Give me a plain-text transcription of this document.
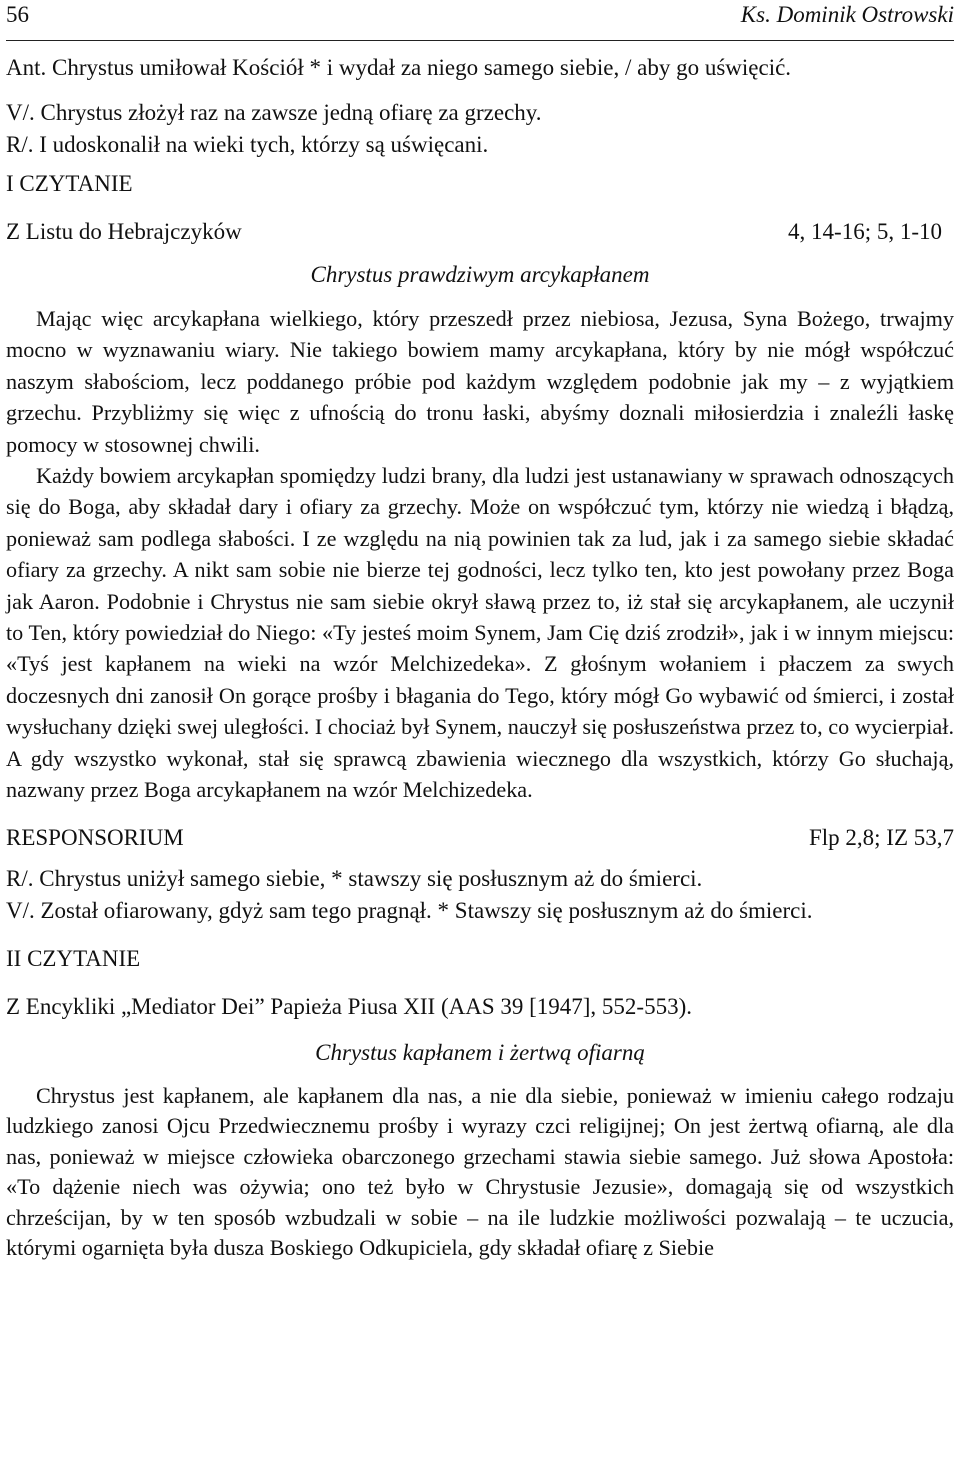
56	Ks. Dominik Ostrowski
Ant. Chrystus umiłował Kościół * i wydał za niego samego siebie, / aby go uświęcić.
V/. Chrystus złożył raz na zawsze jedną ofiarę za grzechy.
R/. I udoskonalił na wieki tych, którzy są uświęcani.
I CZYTANIE
Z Listu do Hebrajczyków	4, 14-16; 5, 1-10
Chrystus prawdziwym arcykapłanem

Mając więc arcykapłana wielkiego, który przeszedł przez niebiosa, Jezusa, Syna Bożego, trwajmy mocno w wyznawaniu wiary. Nie takiego bowiem mamy arcykapłana, który by nie mógł współczuć naszym słabościom, lecz poddanego próbie pod każdym względem podobnie jak my – z wyjątkiem grzechu. Przybliżmy się więc z ufnością do tronu łaski, abyśmy doznali miłosierdzia i znaleźli łaskę pomocy w stosownej chwili.

Każdy bowiem arcykapłan spomiędzy ludzi brany, dla ludzi jest ustanawiany w sprawach odnoszących się do Boga, aby składał dary i ofiary za grzechy. Może on współczuć tym, którzy nie wiedzą i błądzą, ponieważ sam podlega słabości. I ze względu na nią powinien tak za lud, jak i za samego siebie składać ofiary za grzechy. A nikt sam sobie nie bierze tej godności, lecz tylko ten, kto jest powołany przez Boga jak Aaron. Podobnie i Chrystus nie sam siebie okrył sławą przez to, iż stał się arcykapłanem, ale uczynił to Ten, który powiedział do Niego: «Ty jesteś moim Synem, Jam Cię dziś zrodził», jak i w innym miejscu: «Tyś jest kapłanem na wieki na wzór Melchizedeka». Z głośnym wołaniem i płaczem za swych doczesnych dni zanosił On gorące prośby i błagania do Tego, który mógł Go wybawić od śmierci, i został wysłuchany dzięki swej uległości. I chociaż był Synem, nauczył się posłuszeństwa przez to, co wycierpiał. A gdy wszystko wykonał, stał się sprawcą zbawienia wiecznego dla wszystkich, którzy Go słuchają, nazwany przez Boga arcykapłanem na wzór Melchizedeka.

RESPONSORIUM	Flp 2,8; IZ 53,7
R/. Chrystus uniżył samego siebie, * stawszy się posłusznym aż do śmierci.
V/. Został ofiarowany, gdyż sam tego pragnął. * Stawszy się posłusznym aż do śmierci.
II CZYTANIE
Z Encykliki „Mediator Dei” Papieża Piusa XII (AAS 39 [1947], 552-553).
Chrystus kapłanem i żertwą ofiarną

Chrystus jest kapłanem, ale kapłanem dla nas, a nie dla siebie, ponieważ w imieniu całego rodzaju ludzkiego zanosi Ojcu Przedwiecznemu prośby i wyrazy czci religijnej; On jest żertwą ofiarną, ale dla nas, ponieważ w miejsce człowieka obarczonego grzechami stawia siebie samego. Już słowa Apostoła: «To dążenie niech was ożywia; ono też było w Chrystusie Jezusie», domagają się od wszystkich chrześcijan, by w ten sposób wzbudzali w sobie – na ile ludzkie możliwości pozwalają – te uczucia, którymi ogarnięta była dusza Boskiego Odkupiciela, gdy składał ofiarę z Siebie
